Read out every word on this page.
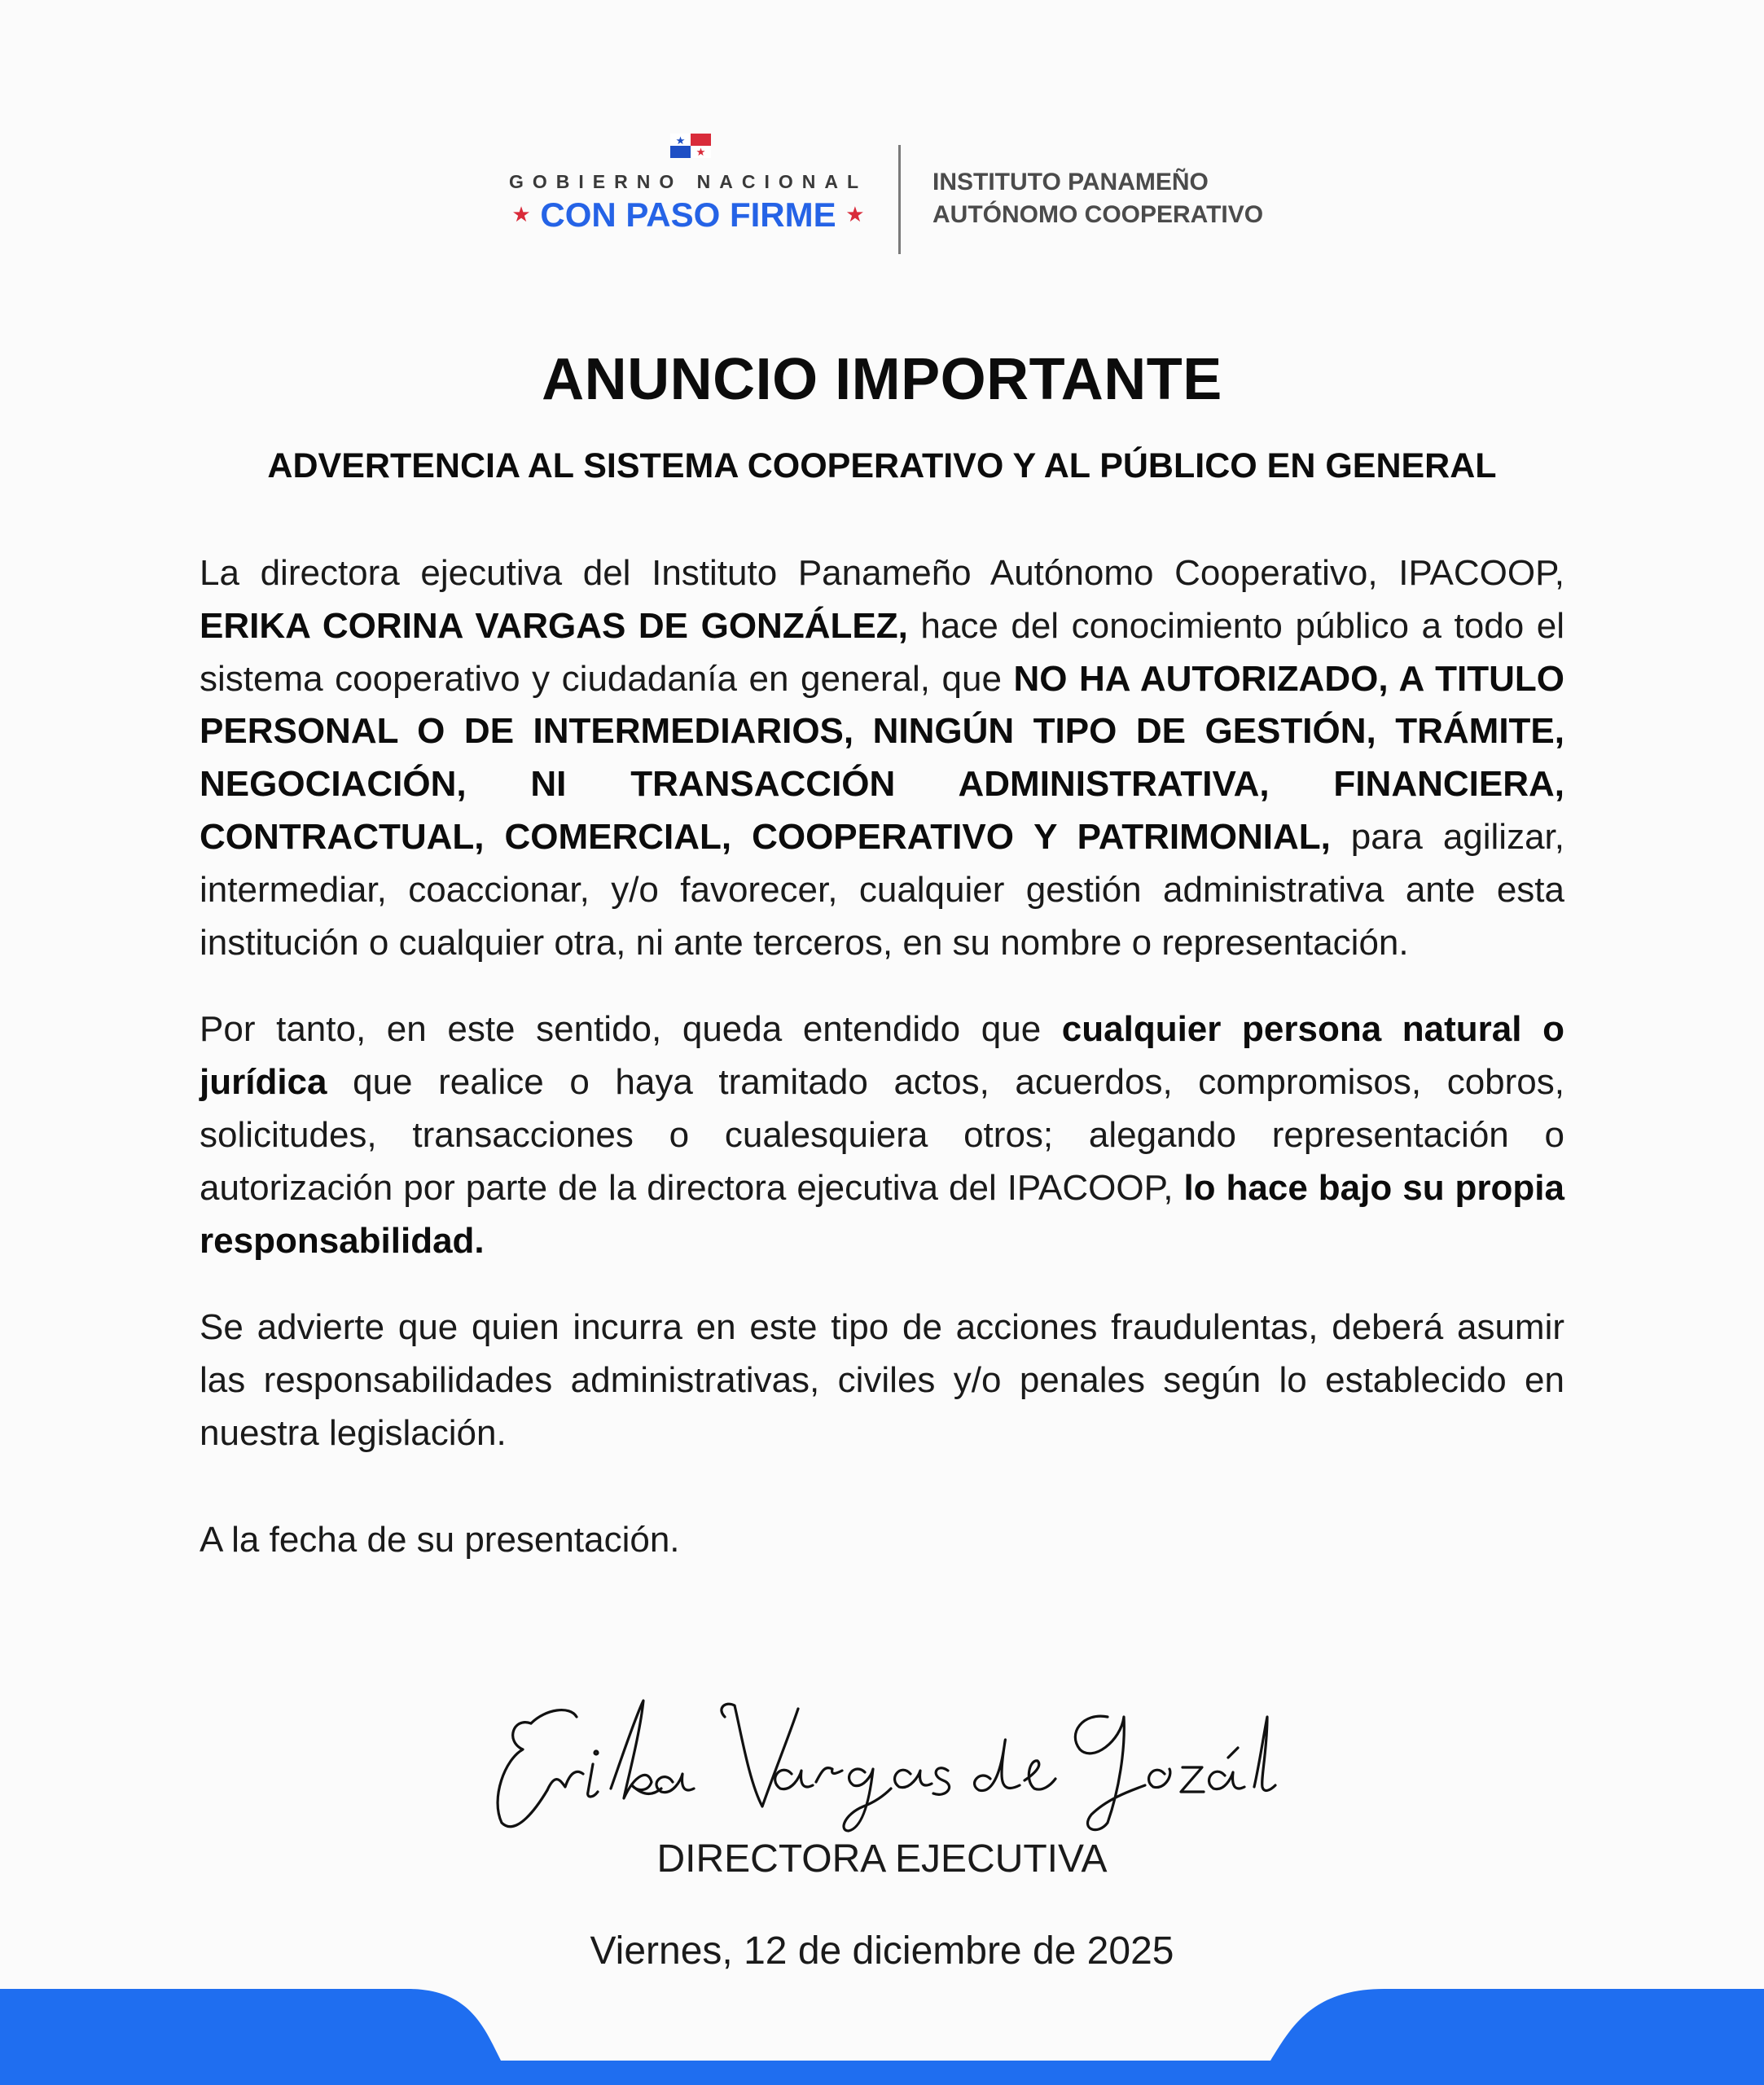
GOBIERNO NACIONAL
★ CON PASO FIRME ★
INSTITUTO PANAMEÑO
AUTÓNOMO COOPERATIVO
ANUNCIO IMPORTANTE
ADVERTENCIA AL SISTEMA COOPERATIVO Y AL PÚBLICO EN GENERAL

La directora ejecutiva del Instituto Panameño Autónomo Cooperativo, IPACOOP, ERIKA CORINA VARGAS DE GONZÁLEZ, hace del conocimiento público a todo el sistema cooperativo y ciudadanía en general, que NO HA AUTORIZADO, A TITULO PERSONAL O DE INTERMEDIARIOS, NINGÚN TIPO DE GESTIÓN, TRÁMITE, NEGOCIACIÓN, NI TRANSACCIÓN ADMINISTRATIVA, FINANCIERA, CONTRACTUAL, COMERCIAL, COOPERATIVO Y PATRIMONIAL, para agilizar, intermediar, coaccionar, y/o favorecer, cualquier gestión administrativa ante esta institución o cualquier otra, ni ante terceros, en su nombre o representación.

Por tanto, en este sentido, queda entendido que cualquier persona natural o jurídica que realice o haya tramitado actos, acuerdos, compromisos, cobros, solicitudes, transacciones o cualesquiera otros; alegando representación o autorización por parte de la directora ejecutiva del IPACOOP, lo hace bajo su propia responsabilidad.

Se advierte que quien incurra en este tipo de acciones fraudulentas, deberá asumir las responsabilidades administrativas, civiles y/o penales según lo establecido en nuestra legislación.

A la fecha de su presentación.

DIRECTORA EJECUTIVA
Viernes, 12 de diciembre de 2025
